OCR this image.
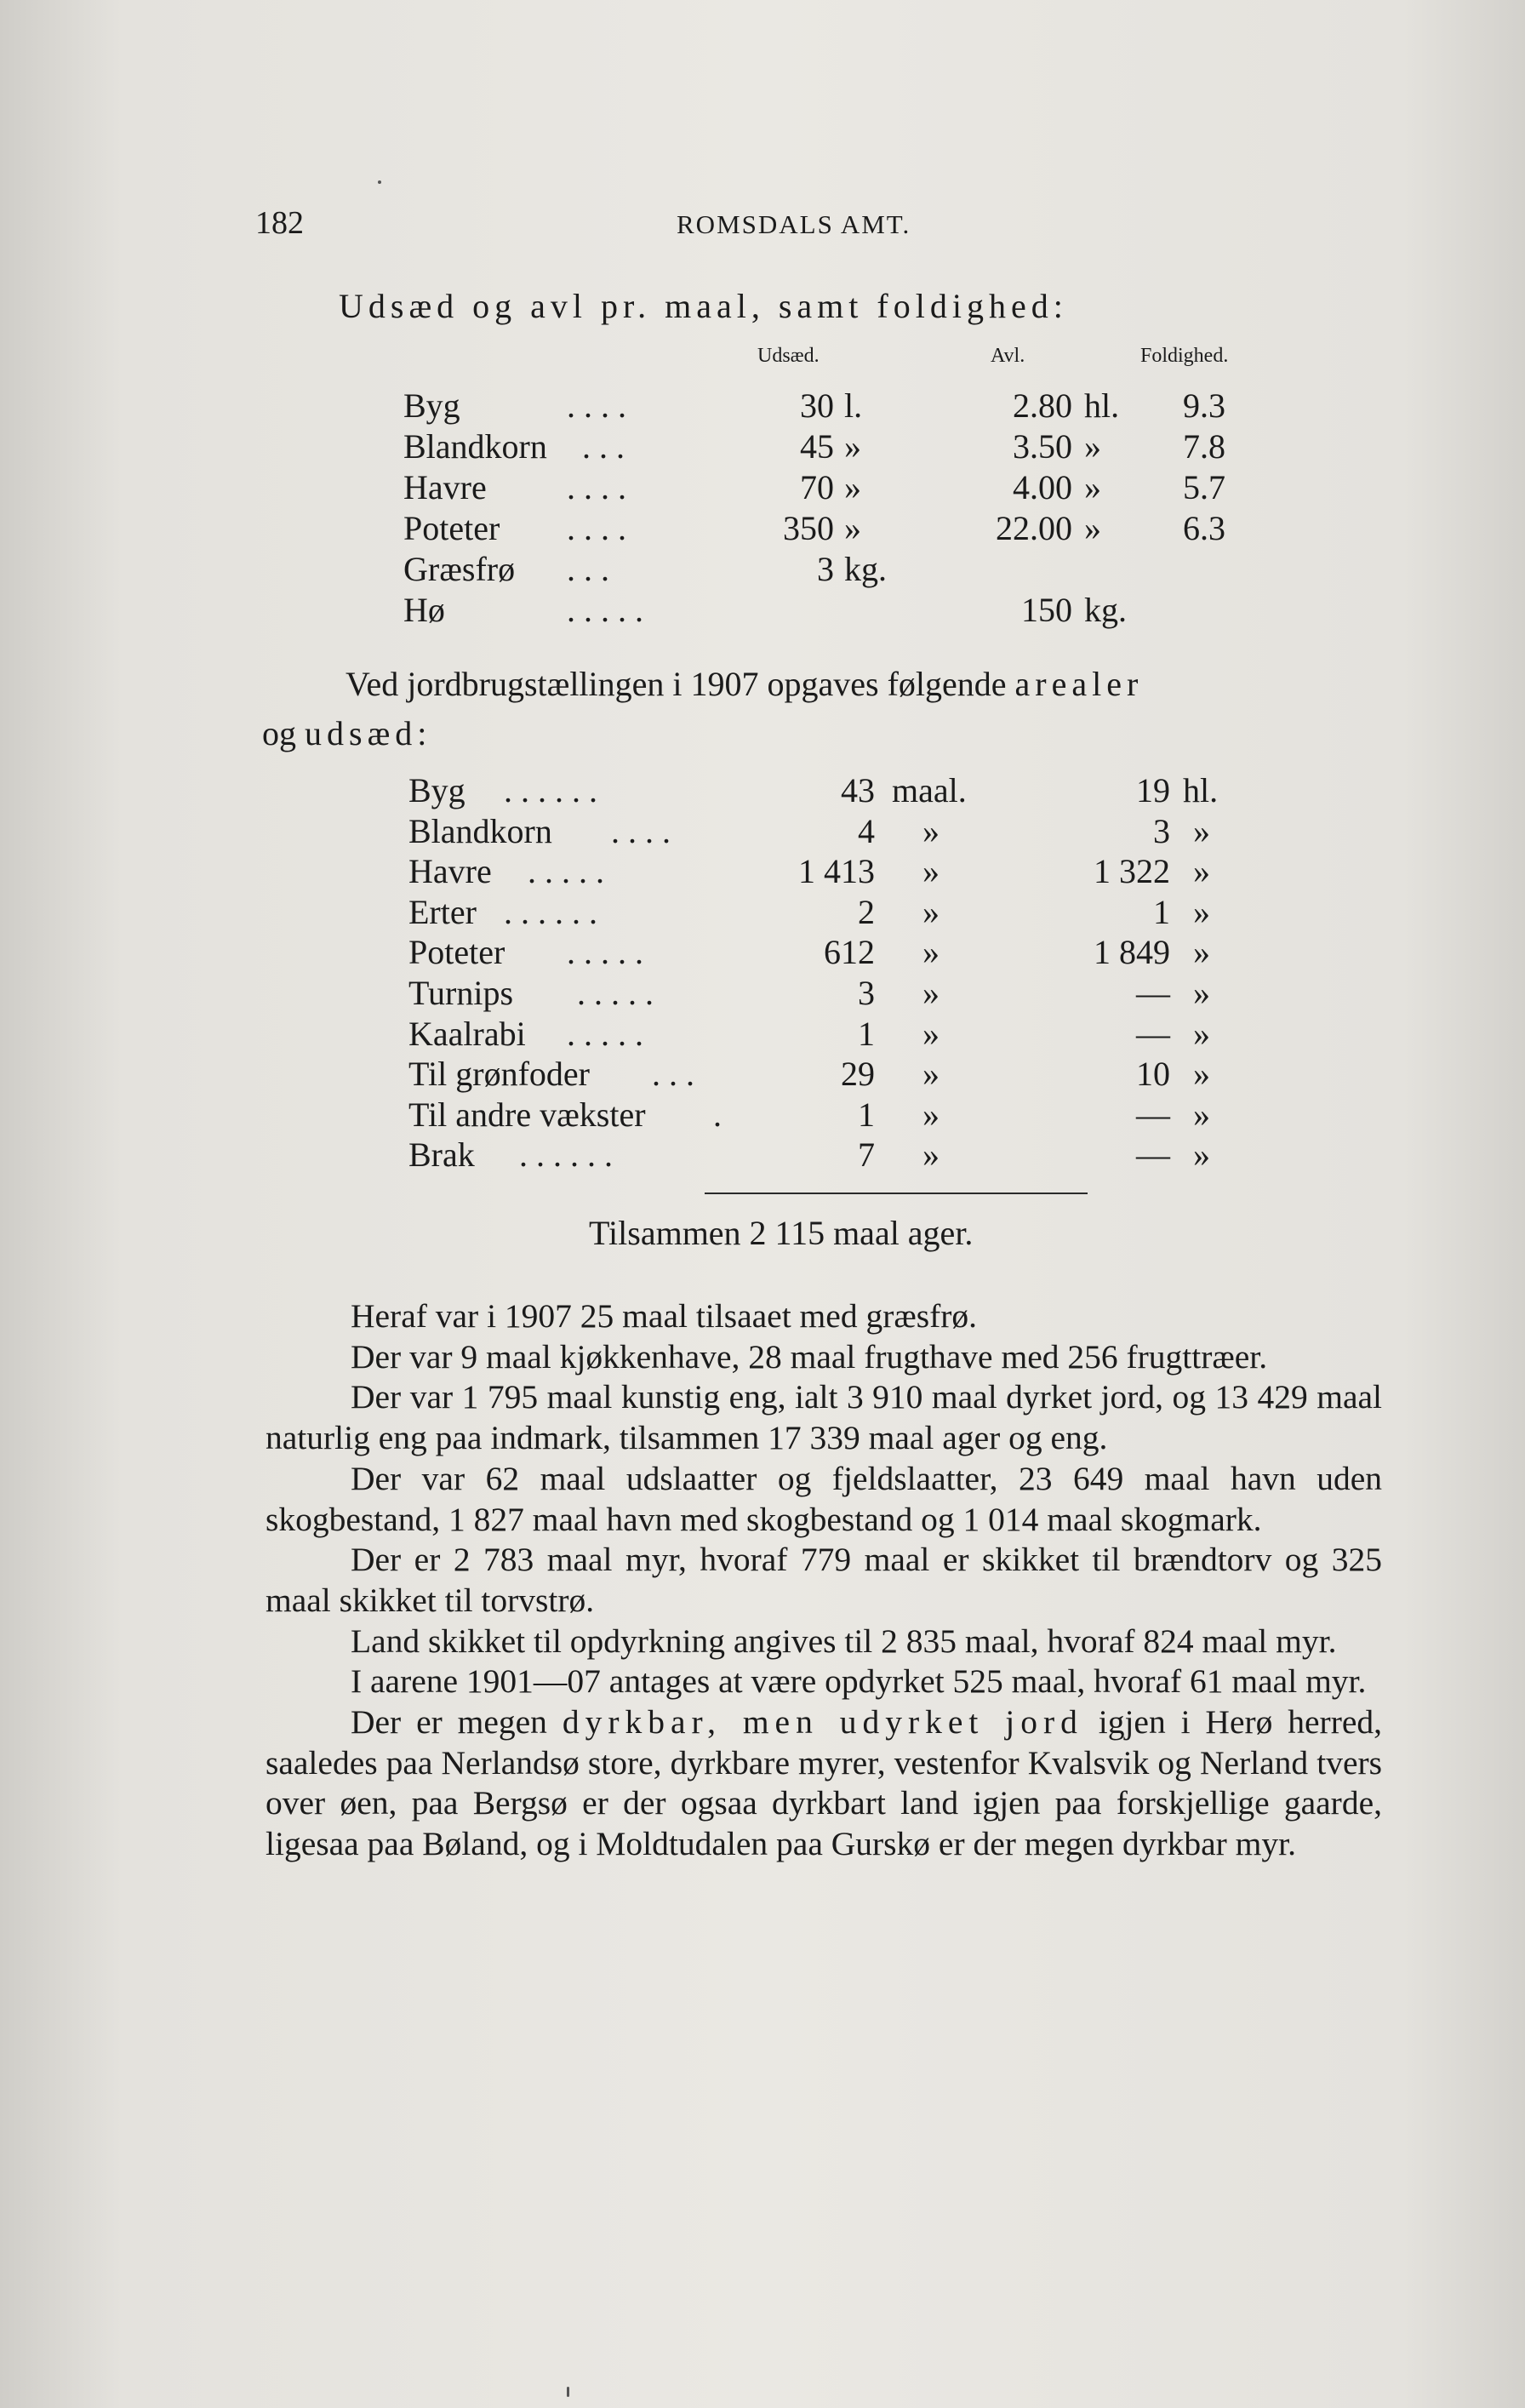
182	ROMSDALS AMT.
Udsæd og avl pr. maal, samt foldighed:
Udsæd.	Avl.	Foldighed.
Byg	. . . .	30 l.	2.80 hl. 9.3
Blandkorn . . .	45 »	3.50 » 7.8
Havre . . . .	70 »	4.00 » 5.7
Poteter . . . .	350 »	22.00 » 6.3
Græsfrø . . .	3 kg.
Hø	. . . . .	150 kg.
Ved jordbrugstællingen i 1907 opgaves følgende arealer
og udsæd:
Byg . . . . . .	43 maal.	19 hl.
Blandkorn . . . .	4 »	3 »
Havre . . . . .	1 413 »	1 322 »
Erter . . . . . .	2 »	1 »
Poteter . . . . .	612 »	1 849 »
Turnips . . . . .	3 »	— »
Kaalrabi . . . . .	1 »	— »
Til grønfoder . . .	29 »	10 »
Til andre vækster .	1 »	— »
Brak . . . . . .	7 »	— »
Tilsammen 2 115 maal ager.

Heraf var i 1907 25 maal tilsaaet med græsfrø.

Der var 9 maal kjøkkenhave, 28 maal frugthave med 256 frugttræer.

Der var 1 795 maal kunstig eng, ialt 3 910 maal dyrket jord, og 13 429 maal naturlig eng paa indmark, tilsammen 17 339 maal ager og eng.

Der var 62 maal udslaatter og fjeldslaatter, 23 649 maal havn uden skogbestand, 1 827 maal havn med skogbestand og 1 014 maal skogmark.

Der er 2 783 maal myr, hvoraf 779 maal er skikket til brændtorv og 325 maal skikket til torvstrø.

Land skikket til opdyrkning angives til 2 835 maal, hvoraf 824 maal myr.

I aarene 1901—07 antages at være opdyrket 525 maal, hvoraf 61 maal myr.

Der er megen dyrkbar, men udyrket jord igjen i Herø herred, saaledes paa Nerlandsø store, dyrkbare myrer, vestenfor Kvalsvik og Nerland tvers over øen, paa Bergsø er der ogsaa dyrkbart land igjen paa forskjellige gaarde, ligesaa paa Bøland, og i Moldtudalen paa Gurskø er der megen dyrkbar myr.
